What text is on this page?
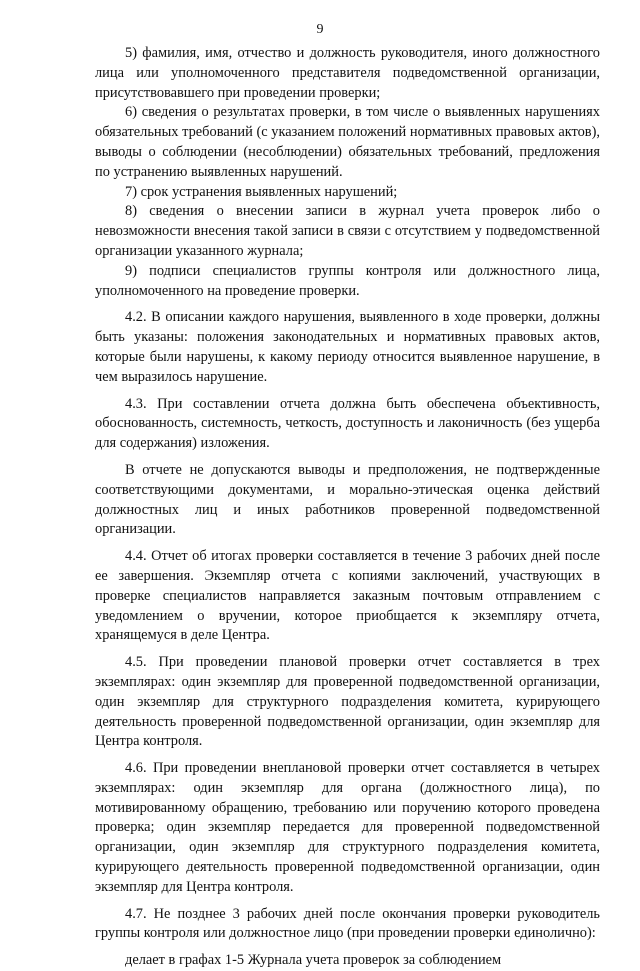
9

5) фамилия, имя, отчество и должность руководителя, иного должностного лица или уполномоченного представителя подведомственной организации, присутствовавшего при проведении проверки;

6) сведения о результатах проверки, в том числе о выявленных нарушениях обязательных требований (с указанием положений нормативных правовых актов), выводы о соблюдении (несоблюдении) обязательных требований, предложения по устранению выявленных нарушений.

7) срок устранения выявленных нарушений;

8) сведения о внесении записи в журнал учета проверок либо о невозможности внесения такой записи в связи с отсутствием у подведомственной организации указанного журнала;

9) подписи специалистов группы контроля или должностного лица, уполномоченного на проведение проверки.

4.2. В описании каждого нарушения, выявленного в ходе проверки, должны быть указаны: положения законодательных и нормативных правовых актов, которые были нарушены, к какому периоду относится выявленное нарушение, в чем выразилось нарушение.

4.3. При составлении отчета должна быть обеспечена объективность, обоснованность, системность, четкость, доступность и лаконичность (без ущерба для содержания) изложения.

В отчете не допускаются выводы и предположения, не подтвержденные соответствующими документами, и морально-этическая оценка действий должностных лиц и иных работников проверенной подведомственной организации.

4.4. Отчет об итогах проверки составляется в течение 3 рабочих дней после ее завершения. Экземпляр отчета с копиями заключений, участвующих в проверке специалистов направляется заказным почтовым отправлением с уведомлением о вручении, которое приобщается к экземпляру отчета, хранящемуся в деле Центра.

4.5. При проведении плановой проверки отчет составляется в трех экземплярах: один экземпляр для проверенной подведомственной организации, один экземпляр для структурного подразделения комитета, курирующего деятельность проверенной подведомственной организации, один экземпляр для Центра контроля.

4.6. При проведении внеплановой проверки отчет составляется в четырех экземплярах: один экземпляр для органа (должностного лица), по мотивированному обращению, требованию или поручению которого проведена проверка; один экземпляр передается для проверенной подведомственной организации, один экземпляр для структурного подразделения комитета, курирующего деятельность проверенной подведомственной организации, один экземпляр для Центра контроля.

4.7. Не позднее 3 рабочих дней после окончания проверки руководитель группы контроля или должностное лицо (при проведении проверки единолично):

делает в графах 1-5 Журнала учета проверок за соблюдением
